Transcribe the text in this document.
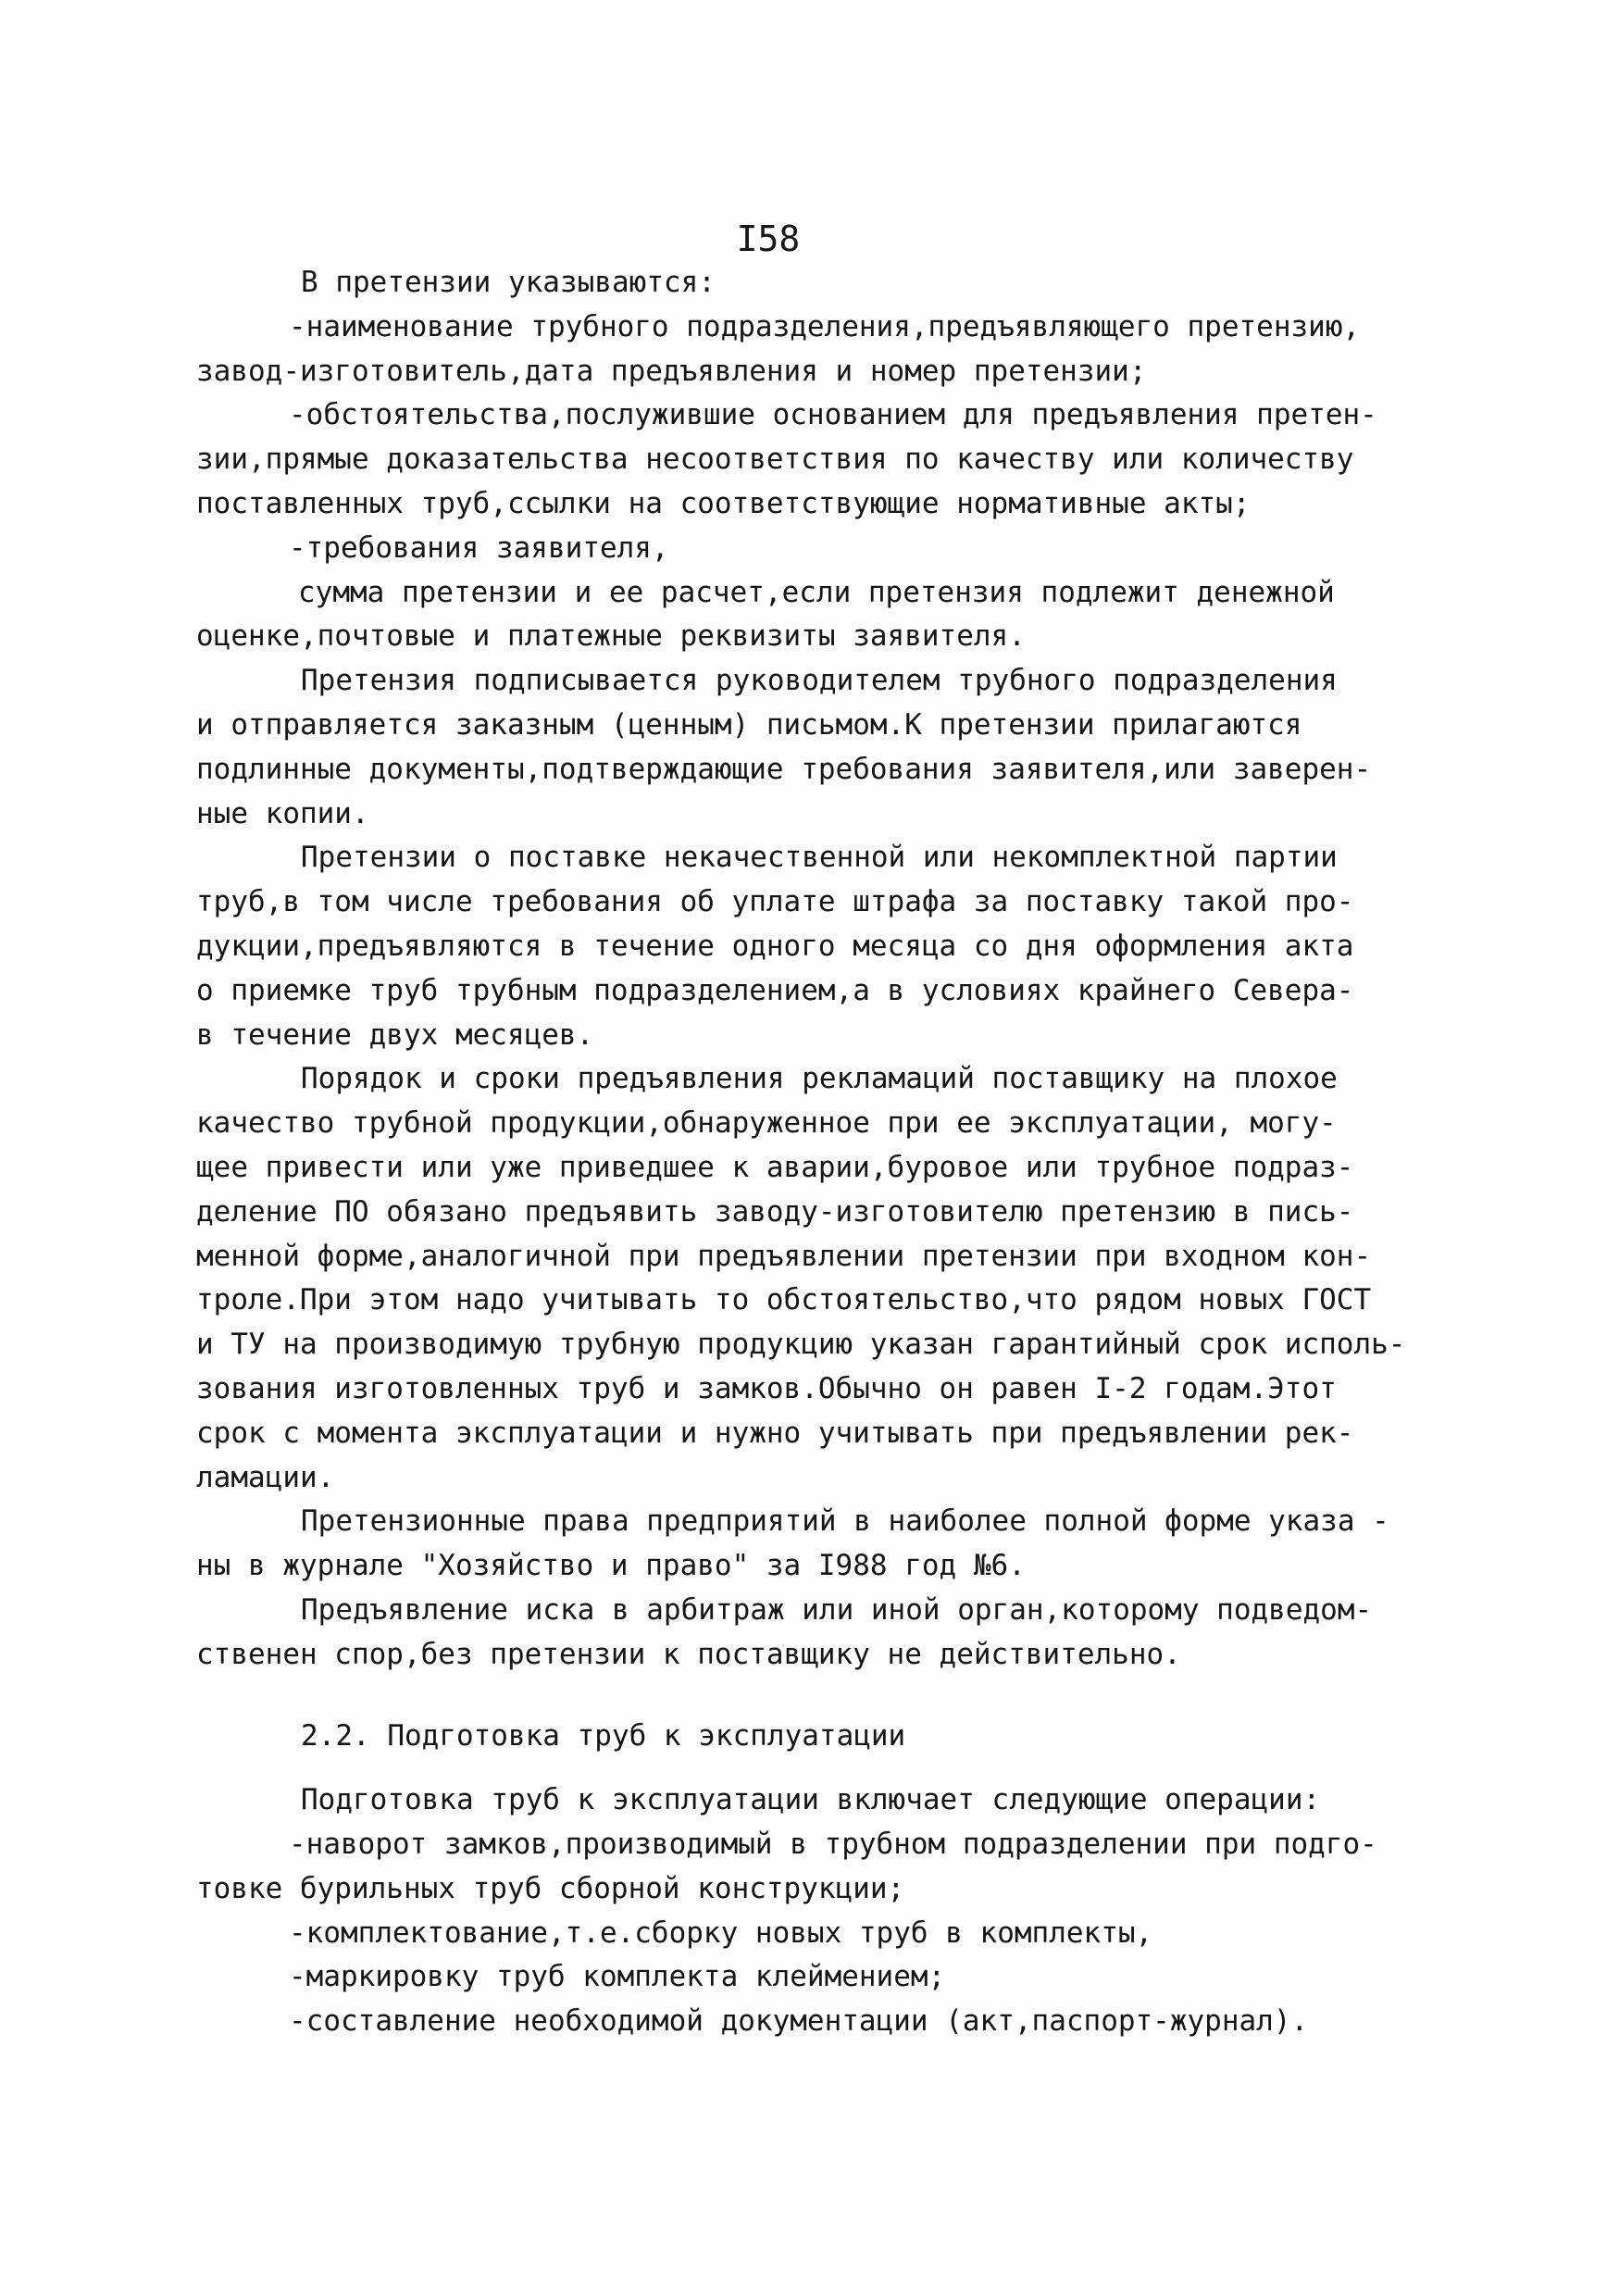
I58

В претензии указываются:

-наименование трубного подразделения,предъявляющего претензию,

завод-изготовитель,дата предъявления и номер претензии;

-обстоятельства,послужившие основанием для предъявления претен-

зии,прямые доказательства несоответствия по качеству или количеству

поставленных труб,ссылки на соответствующие нормативные акты;

-требования заявителя,

сумма претензии и ее расчет,если претензия подлежит денежной

оценке,почтовые и платежные реквизиты заявителя.

Претензия подписывается руководителем трубного подразделения

и отправляется заказным (ценным) письмом.К претензии прилагаются

подлинные документы,подтверждающие требования заявителя,или заверен-

ные копии.

Претензии о поставке некачественной или некомплектной партии

труб,в том числе требования об уплате штрафа за поставку такой про-

дукции,предъявляются в течение одного месяца со дня оформления акта

о приемке труб трубным подразделением,а в условиях крайнего Севера-

в течение двух месяцев.

Порядок и сроки предъявления рекламаций поставщику на плохое

качество трубной продукции,обнаруженное при ее эксплуатации, могу-

щее привести или уже приведшее к аварии,буровое или трубное подраз-

деление ПО обязано предъявить заводу-изготовителю претензию в пись-

менной форме,аналогичной при предъявлении претензии при входном кон-

троле.При этом надо учитывать то обстоятельство,что рядом новых ГОСТ

и ТУ на производимую трубную продукцию указан гарантийный срок исполь-

зования изготовленных труб и замков.Обычно он равен I-2 годам.Этот

срок с момента эксплуатации и нужно учитывать при предъявлении рек-

ламации.

Претензионные права предприятий в наиболее полной форме указа -

ны в журнале "Хозяйство и право" за I988 год №6.

Предъявление иска в арбитраж или иной орган,которому подведом-

ственен спор,без претензии к поставщику не действительно.

2.2. Подготовка труб к эксплуатации

Подготовка труб к эксплуатации включает следующие операции:

-наворот замков,производимый в трубном подразделении при подго-

товке бурильных труб сборной конструкции;

-комплектование,т.е.сборку новых труб в комплекты,

-маркировку труб комплекта клеймением;

-составление необходимой документации (акт,паспорт-журнал).
